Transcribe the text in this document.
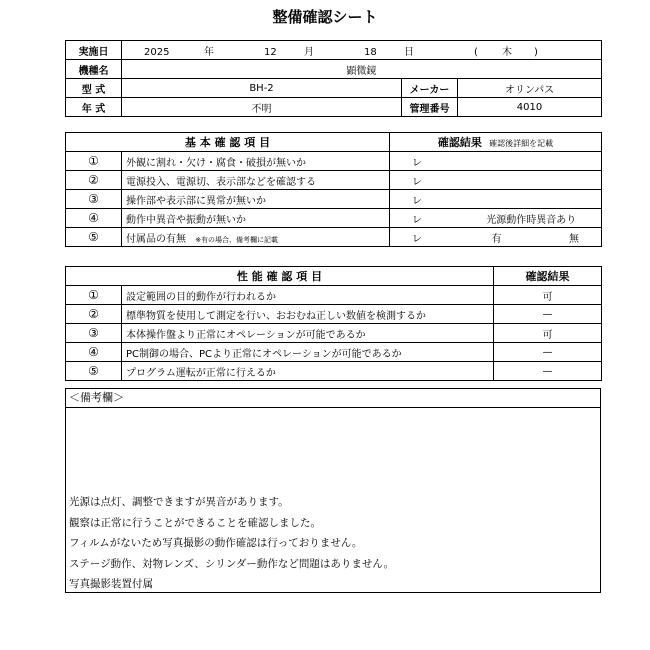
整備確認シート
実施日	2025 年 12 月 18 日 ( 木 )		
機種名	顕微鏡		
型 式	BH-2	メーカー	オリンパス
年 式	不明	管理番号	4010
基 本 確 認 項 目		確認結果 確認後詳細を記載		
①	外観に割れ・欠け・腐食・破損が無いか	レ		
②	電源投入、電源切、表示部などを確認する	レ		
③	操作部や表示部に異常が無いか	レ		
④	動作中異音や振動が無いか	レ	光源動作時異音あり	
⑤	付属品の有無 ※有の場合、備考欄に記載	レ	有	無
性 能 確 認 項 目		確認結果
①	設定範囲の目的動作が行われるか	可
②	標準物質を使用して測定を行い、おおむね正しい数値を検測するか	—
③	本体操作盤より正常にオペレーションが可能であるか	可
④	PC制御の場合、PCより正常にオペレーションが可能であるか	—
⑤	プログラム運転が正常に行えるか	—
＜備考欄＞
光源は点灯、調整できますが異音があります。
観察は正常に行うことができることを確認しました。
フィルムがないため写真撮影の動作確認は行っておりません。
ステージ動作、対物レンズ、シリンダー動作など問題はありません。
写真撮影装置付属
